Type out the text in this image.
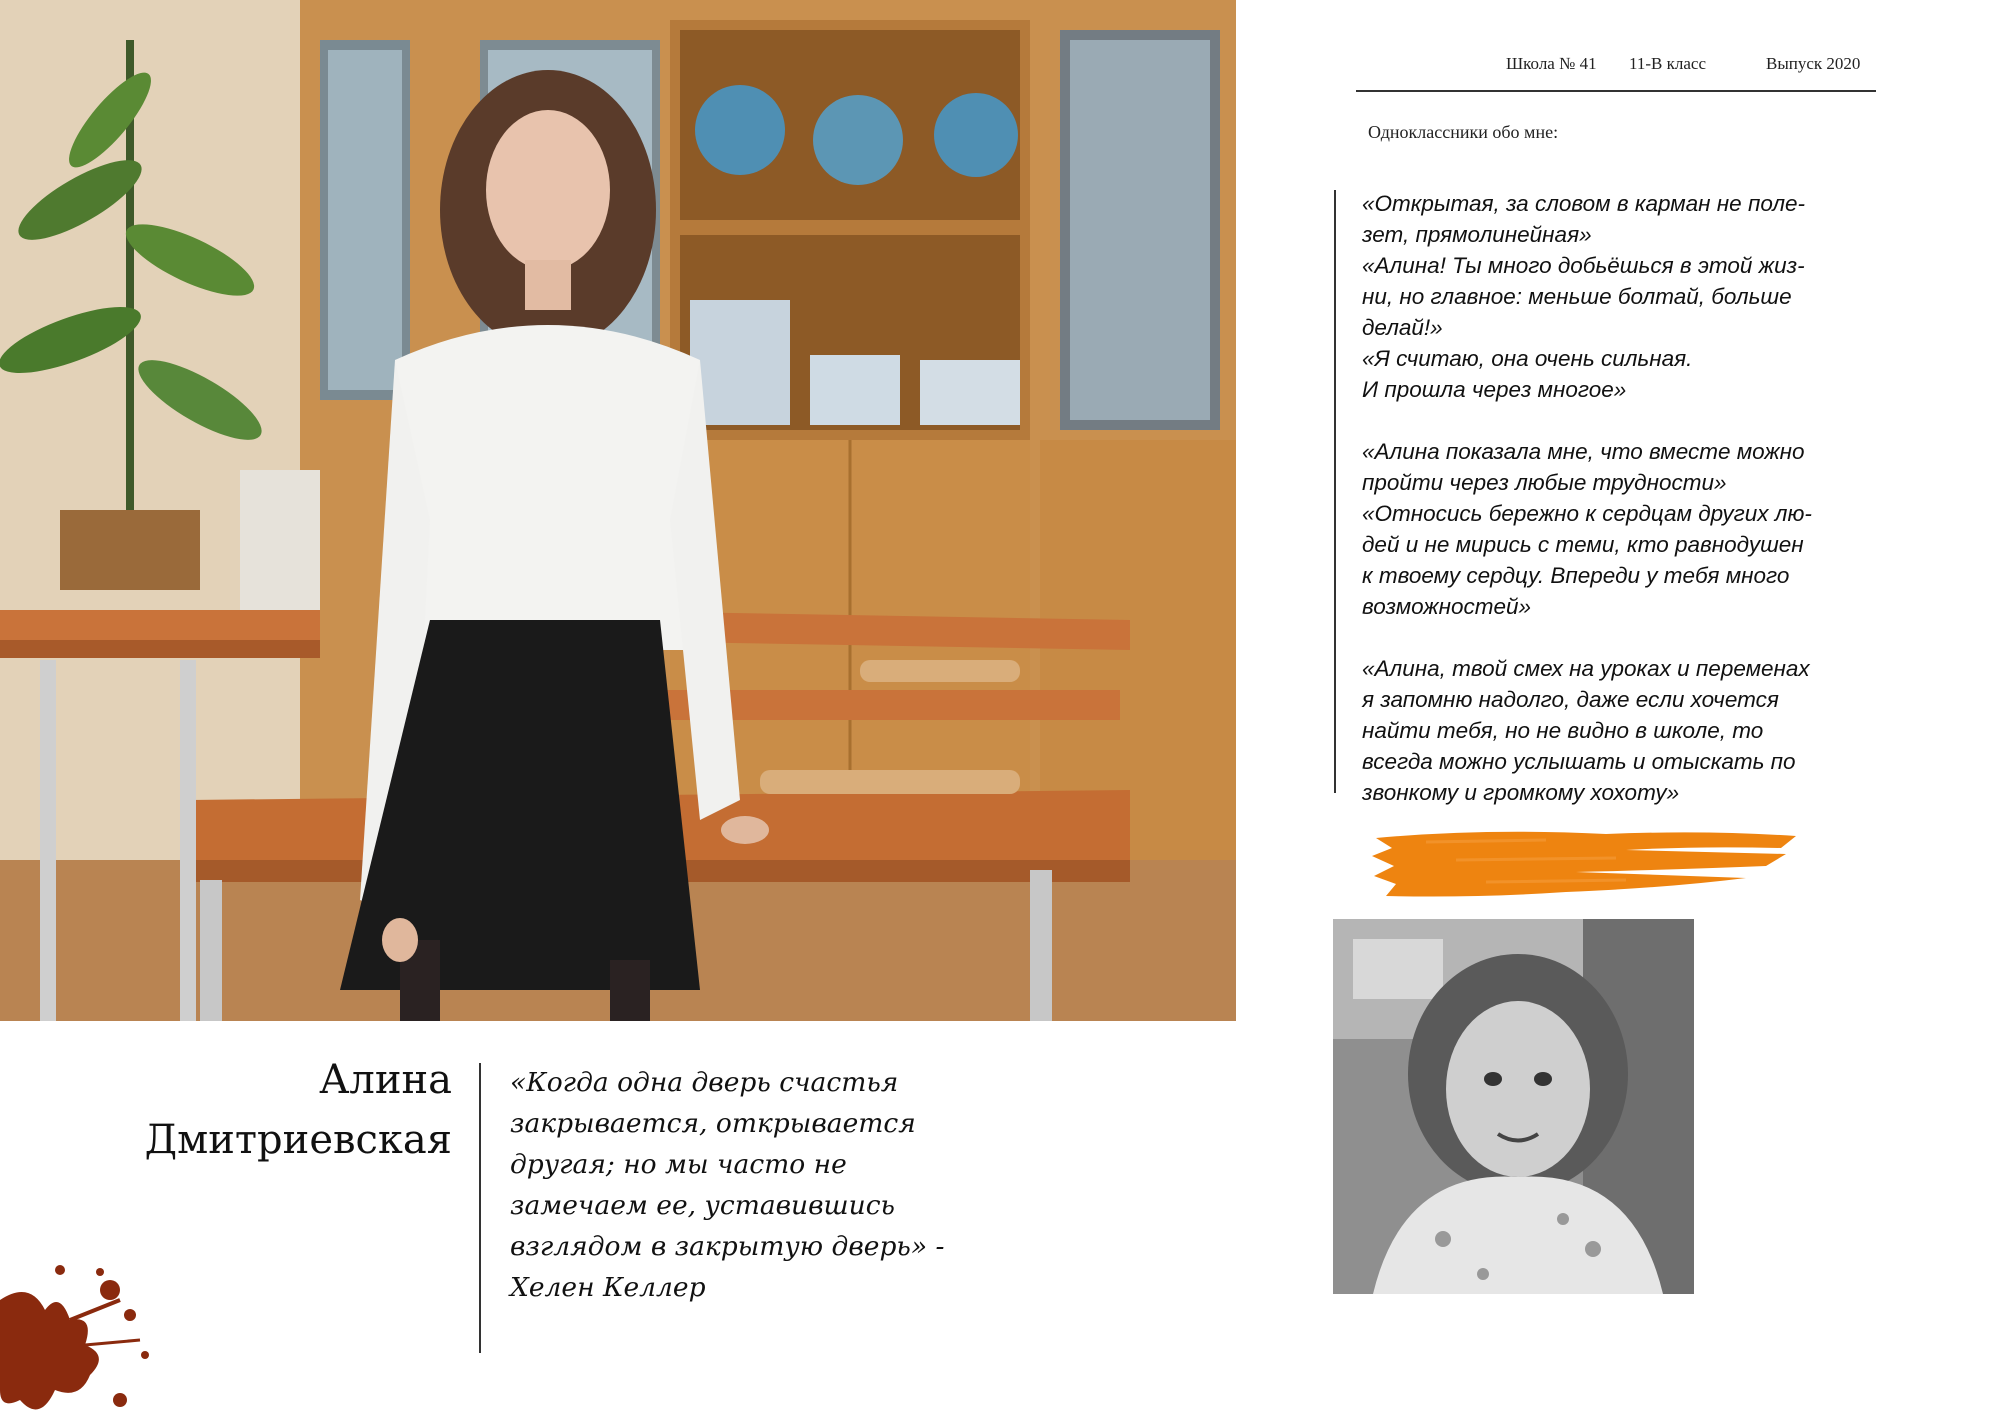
Школа № 41 11-В класс	Выпуск 2020
Одноклассники обо мне:

«Открытая, за словом в карман не поле-
зет, прямолинейная»

«Алина! Ты много добьёшься в этой жиз-
ни, но главное: меньше болтай, больше
делай!»

«Я считаю, она очень сильная.
И прошла через многое»

«Алина показала мне, что вместе можно
пройти через любые трудности»

«Относись бережно к сердцам других лю-
дей и не мирись с теми, кто равнодушен
к твоему сердцу. Впереди у тебя много
возможностей»

«Алина, твой смех на уроках и переменах
я запомню надолго, даже если хочется
найти тебя, но не видно в школе, то
всегда можно услышать и отыскать по
звонкому и громкому хохоту»

Алина
Дмитриевская
«Когда одна дверь счастья
закрывается, открывается
другая; но мы часто не
замечаем ее, уставившись
взглядом в закрытую дверь» -
Хелен Келлер
